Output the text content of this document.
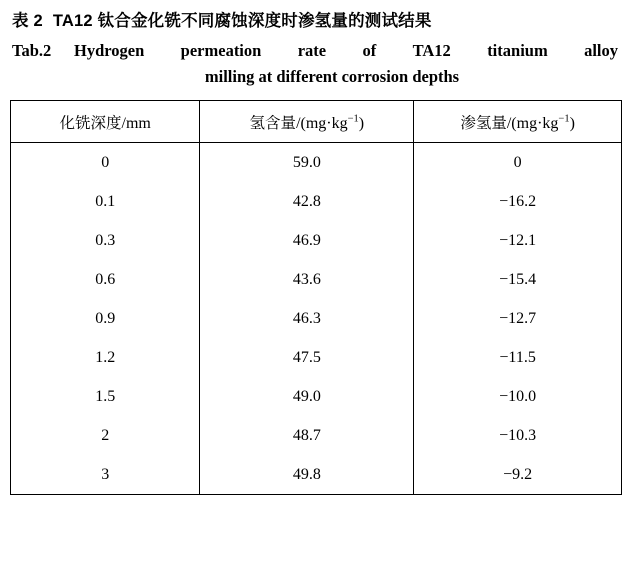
表 2 TA12 钛合金化铣不同腐蚀深度时渗氢量的测试结果
Tab.2	Hydrogen permeation rate of TA12 titanium alloy
milling at different corrosion depths
化铣深度/mm	氢含量$/(mg\cdot kg^{-1})$	渗氢量$/(mg\cdot kg^{-1})$
0	59.0	0
0.1	42.8	−16.2
0.3	46.9	−12.1
0.6	43.6	−15.4
0.9	46.3	−12.7
1.2	47.5	−11.5
1.5	49.0	−10.0
2	48.7	−10.3
3	49.8	−9.2
